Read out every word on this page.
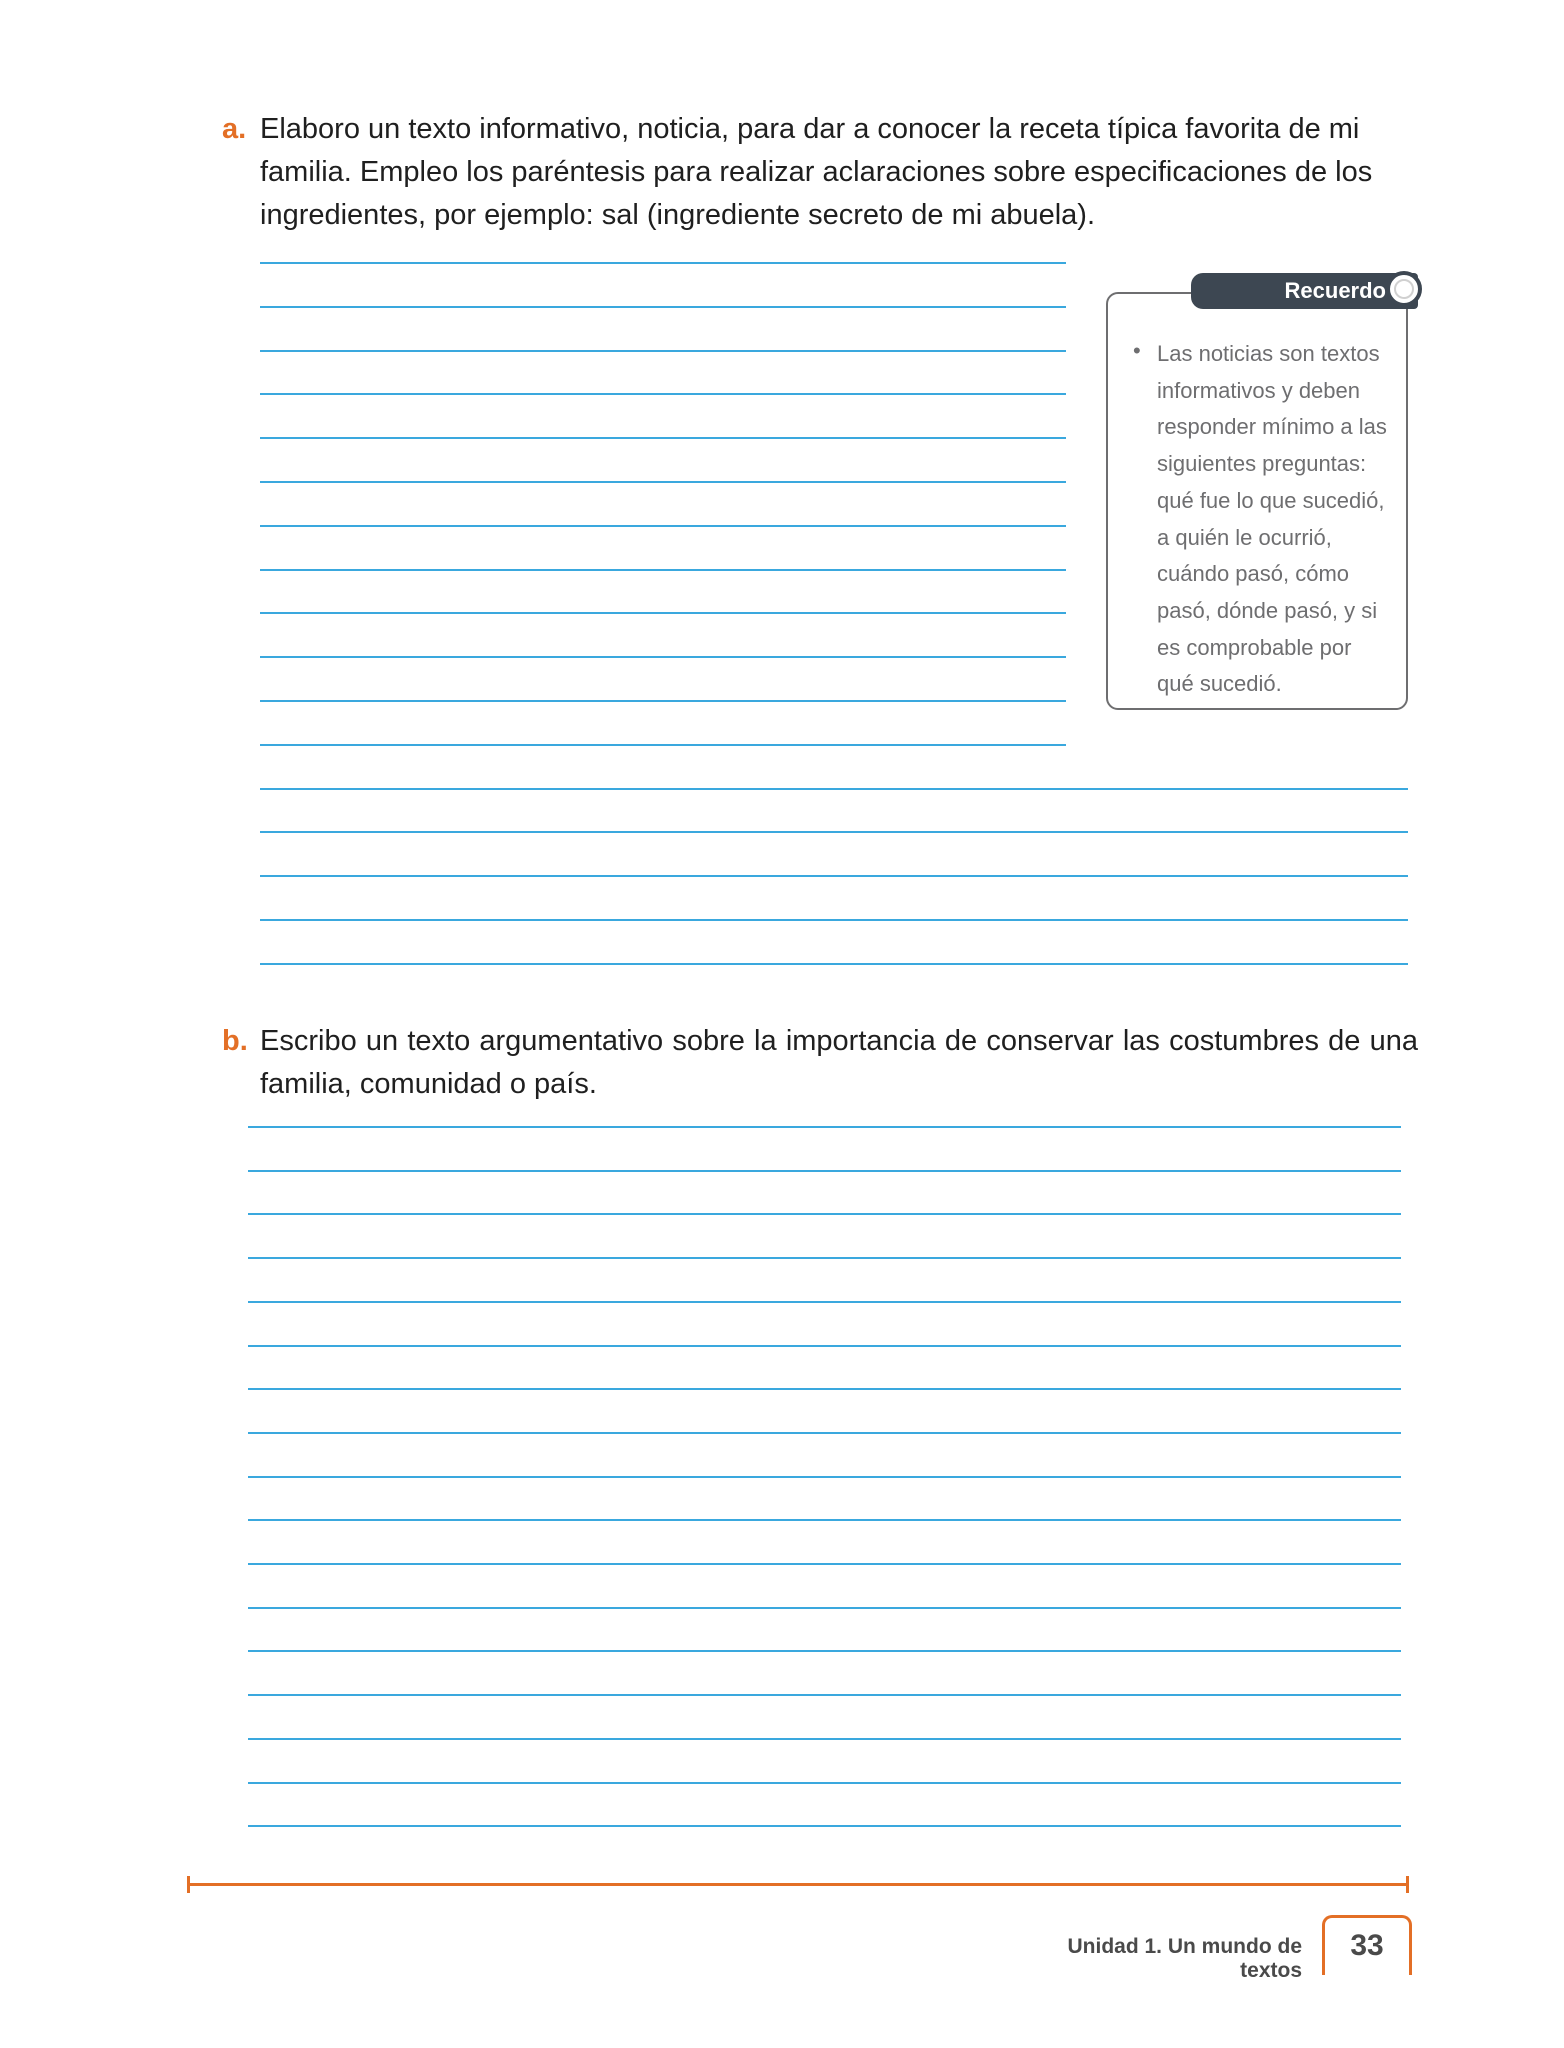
a. Elaboro un texto informativo, noticia, para dar a conocer la receta típica favorita de mi familia. Empleo los paréntesis para realizar aclaraciones sobre especificaciones de los ingredientes, por ejemplo: sal (ingrediente secreto de mi abuela).
Recuerdo
• Las noticias son textos informativos y deben responder mínimo a las siguientes preguntas: qué fue lo que sucedió, a quién le ocurrió, cuándo pasó, cómo pasó, dónde pasó, y si es comprobable por qué sucedió.
b. Escribo un texto argumentativo sobre la importancia de conservar las costumbres de una familia, comunidad o país.
Unidad 1. Un mundo de textos
33
